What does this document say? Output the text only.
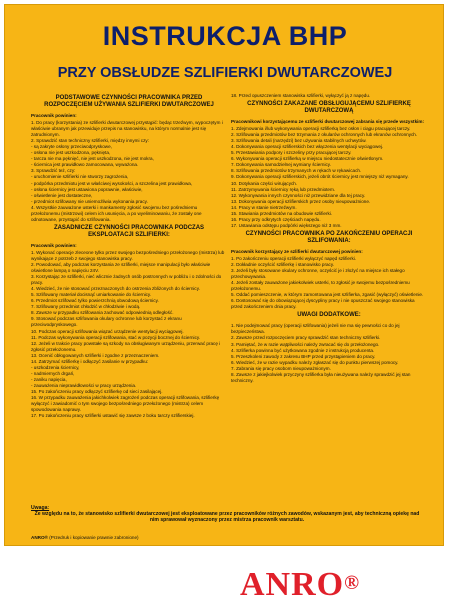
INSTRUKCJA BHP
PRZY OBSŁUDZE SZLIFIERKI DWUTARCZOWEJ
PODSTAWOWE CZYNNOŚCI PRACOWNIKA PRZED ROZPOCZĘCIEM UŻYWANIA SZLIFIERKI DWUTARCZOWEJ
Pracownik powinien:
1. Do pracy (korzystania) ze szlifierki dwutarczowej przystąpić: będąc trzeźwym, wypoczętym i właściwie ubranym jak przewiduje przepis na stanowisku, na którym normalnie jest się zatrudnionym.
2. Sprawdzić stan techniczny szlifierki, między innymi czy:
- są zakryte osłony przeciwodpryskowe,
- osłona nie jest uszkodzona, pęknięta,
- tarcza nie ma pęknięć, nie jest uszkodzona, nie jest mokra,
- ściernica jest prawidłowo zamocowana, wyważona.
3. Sprawdzić też, czy:
- uruchomienie szlifierki nie stworzy zagrożenia,
- podpórka przedmiotu jest w właściwej wysokości, a szczelina jest prawidłowa,
- osłona ściernicy jest ustawiona poprawnie, właściwie,
- oświetlenie jest dostateczne,
- przedmiot szlifowany nie uniemożliwia wykonania pracy.
4. Wszystkie zauważone usterki i mankamenty zgłosić swojemu bez pośredniemu przełożonemu (mistrzowi) celem ich usunięcia, a po wyeliminowaniu, że zostały one odnotowane, przystąpić do szlifowania.
ZASADNICZE CZYNNOŚCI PRACOWNIKA PODCZAS EKSPLOATACJI SZLIFIERKI:
Pracownik powinien:
1. Wykonać operacje zleceone tylko przez swojego bezpośredniego przełożonego (mistrza) lub wynikające z potrzeb z swojego stanowiska pracy.
2. Powodować, aby podczas korzystania ze szlifierki, miejsce manipulacji było właściwie oświetlone lampą o napięciu 24V.
3. Korzystając ze szlifierki, nieć wlicznie żadnych osób postronnych w pobliżu i o zdolności do pracy.
4. Wiedzieć, że nie stosować przeznaczonych do ostrzenia zbliżonych do ściernicy.
5. Szlifowany materiał docisnąć umiarkowanie do ściernicy.
6. Przedmiot szlifować tylko powierzchnią obwodową ściernicy.
7. Szlifowany przedmiot chłodzić w chłodziwie i wodą.
8. Zawsze w przypadku szlifowania zachować odpowiednią odległość.
9. Stosować podczas szlifowania okulary ochronne lub korzystać z ekranu przeciwodpryskowego.
10. Podczas operacji szlifowania wiązać urządzenie wentylacji wyciągowej.
11. Podczas wykonywania operacji szlifowania, stać w pozycji bocznej do ściernicy.
12. Jeżeli w trakcie pracy powstałe są szkody na obsługiwanym urządzeniu, przerwać pracę i zgłosić przełożonemu.
13. Ocenić obłogowanych szlifierki i zgodne z przeznaczeniem.
14. Zatrzymać szlifierkę i odłączyć zasilanie w przypadku:
- uszkodzenia ściernicy,
- nadmiernych drgań,
- zaniku napięcia,
- zauważenia nieprawidłowości w pracy urządzenia.
15. Po zakończeniu pracy odłączyć szlifierkę od sieci zasilającej.
16. W przypadku zauważenia jakichkolwiek zagrożeń podczas operacji szlifowania, szlifierkę wyłączyć i zawiadomić o tym swojego bezpośredniego przełożonego (mistrza) celem spowodowania naprawy.
17. Po zakończeniu pracy szlifierki ustawić się zawsze z boku tarczy szlifierskiej.
18. Przed opuszczeniem stanowiska szlifierki, wyłączyć ją z napędu.
CZYNNOŚCI ZAKAZANE OBSŁUGUJĄCEMU SZLIFIERKĘ DWUTARCZOWĄ
Pracownikowi korzystającemu ze szlifierki dwutarczowej zabrania się przede wszystkim:
1. Zdejmowania i/lub wykonywania operacji szlifierką bez osłon i ciągu pracującej tarczy.
2. Szlifowania przedmiotów bez trzymania z okularów ochronnych lub ekranów ochronnych.
3. Szlifowania detali (narzędzi) bez używania stabilnych uchwytów.
4. Dokonywania operacji szlifierskich bez włączenia wentylacji wyciągowej.
5. Przestawiania podpory i szczeliny przy pracującej tarczy.
6. Wykonywania operacji szlifierką w miejscu niedostatecznie oświetlonym.
7. Dokonywania samodzielnej wymiany ściernicy.
8. Szlifowania przedmiotów trzymanych w rękach w rękawicach.
9. Dokonywania operacji szlifierskich, jeżeli obrót ściernicy jest mniejszy niż wymagany.
10. Dotykania części wirujących.
11. Zatrzymywania ściernicy ręką lub przedmiotem.
12. Wykonywania innych czynności niż przewidziane dla tej pracy.
13. Dokonywania operacji szlifierskich przez osoby nieupoważnione.
14. Pracy w stanie nietrzeźwym.
15. Stawiania przedmiotów na obudowie szlifierki.
16. Pracy przy odkrytych częściach napędu.
17. Ustawiania odstępu podpórki większego niż 3 mm.
CZYNNOŚCI PRACOWNIKA PO ZAKOŃCZENIU OPERACJI SZLIFOWANIA:
Pracownik korzystający ze szlifierki dwutarczowej powinien:
1. Po zakończeniu operacji szlifierki wyłączyć napęd szlifierki.
2. Dokładnie oczyścić szlifierkę i stanowisko pracy.
3. Jeżeli były stosowane okulary ochronne, oczyścić je i złożyć na miejsce ich stałego przechowywania.
4. Jeżeli zostały zauważone jakiekolwiek usterki, to zgłosić je swojemu bezpośredniemu przełożonemu.
5. Oddać pomieszczenie, w którym zamontowana jest szlifierka, zgasić (wyłączyć) oświetlenie.
6. Dostosować się do obowiązującej dyscypliny pracy i nie opuszczać swojego stanowiska przed zakończeniem dnia pracy.
UWAGI DODATKOWE:
1. Nie podejmować pracy (operacji szlifowania) jeżeli nie ma się pewności co do jej bezpieczeństwa.
2. Zawsze przed rozpoczęciem pracy sprawdzić stan techniczny szlifierki.
3. Pamiętać, że w razie wątpliwości należy zwracać się do przełożonego.
4. Szlifierka powinna być użytkowana zgodnie z instrukcją producenta.
5. Przeszkoleni zawody z zakresu BHP przed przystąpieniem do pracy.
6. Wiedzieć, że w razie wypadku należy zgłaszać się do punktu pierwszej pomocy.
7. Zabrania się pracy osobom nieupoważnionym.
8. Zawsze z jakiejkolwiek przyczyny szlifierka była nieużywana należy sprawdzić jej stan techniczny.
Uwaga:
Ze względu na to, że stanowisko szlifierki dwutarczowej jest eksploatowane przez pracowników różnych zawodów, wskazanym jest, aby techniczną opiekę nad nim sprawował wyznaczony przez mistrza pracownik warsztatu.
ANRO® (Przedruk i kopiowanie prawnie zabronione)
ANRO®
